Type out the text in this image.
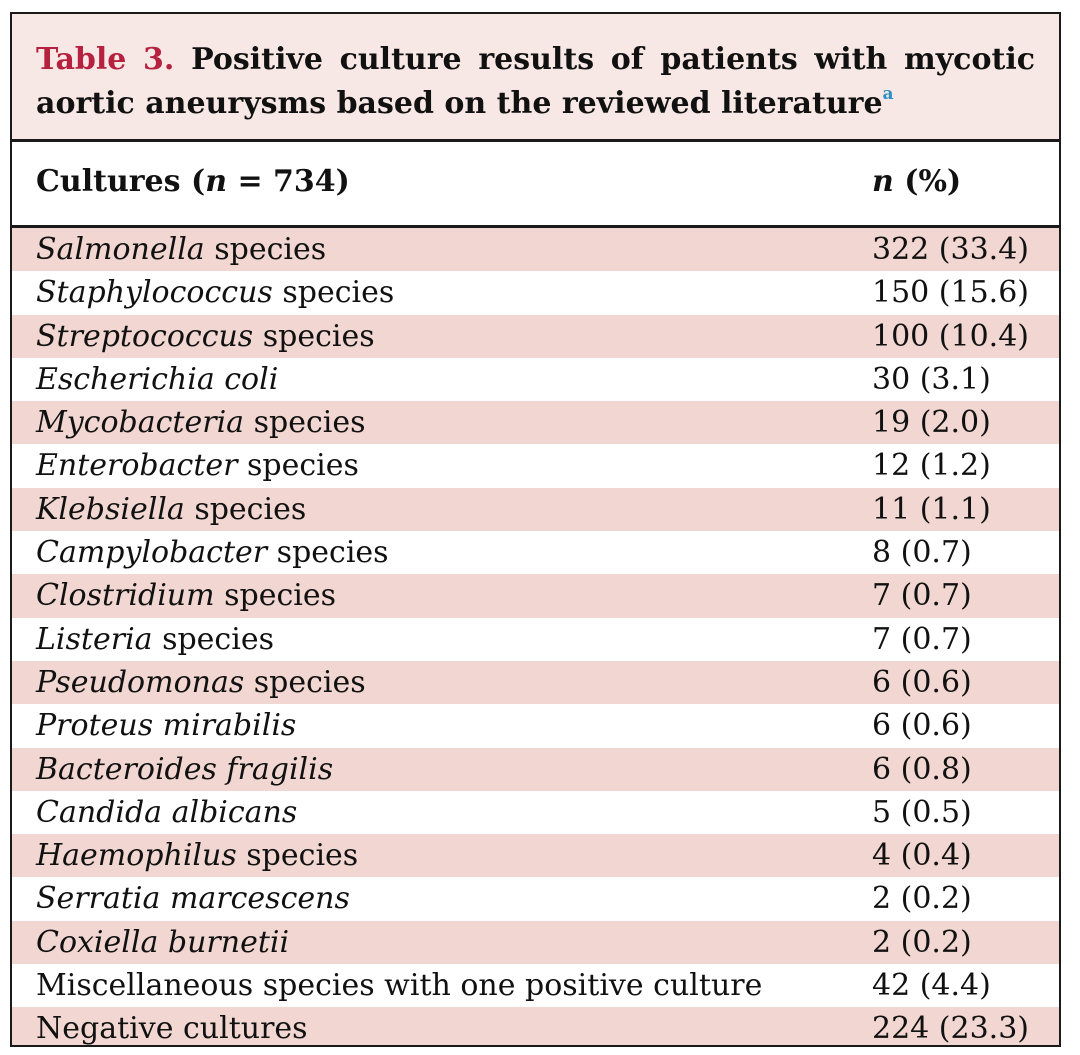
Table 3. Positive culture results of patients with mycotic aortic aneurysms based on the reviewed literature$^a$
Cultures (n = 734)	n (%)
Salmonella species	322 (33.4)
Staphylococcus species	150 (15.6)
Streptococcus species	100 (10.4)
Escherichia coli	30 (3.1)
Mycobacteria species	19 (2.0)
Enterobacter species	12 (1.2)
Klebsiella species	11 (1.1)
Campylobacter species	8 (0.7)
Clostridium species	7 (0.7)
Listeria species	7 (0.7)
Pseudomonas species	6 (0.6)
Proteus mirabilis	6 (0.6)
Bacteroides fragilis	6 (0.8)
Candida albicans	5 (0.5)
Haemophilus species	4 (0.4)
Serratia marcescens	2 (0.2)
Coxiella burnetii	2 (0.2)
Miscellaneous species with one positive culture	42 (4.4)
Negative cultures	224 (23.3)
